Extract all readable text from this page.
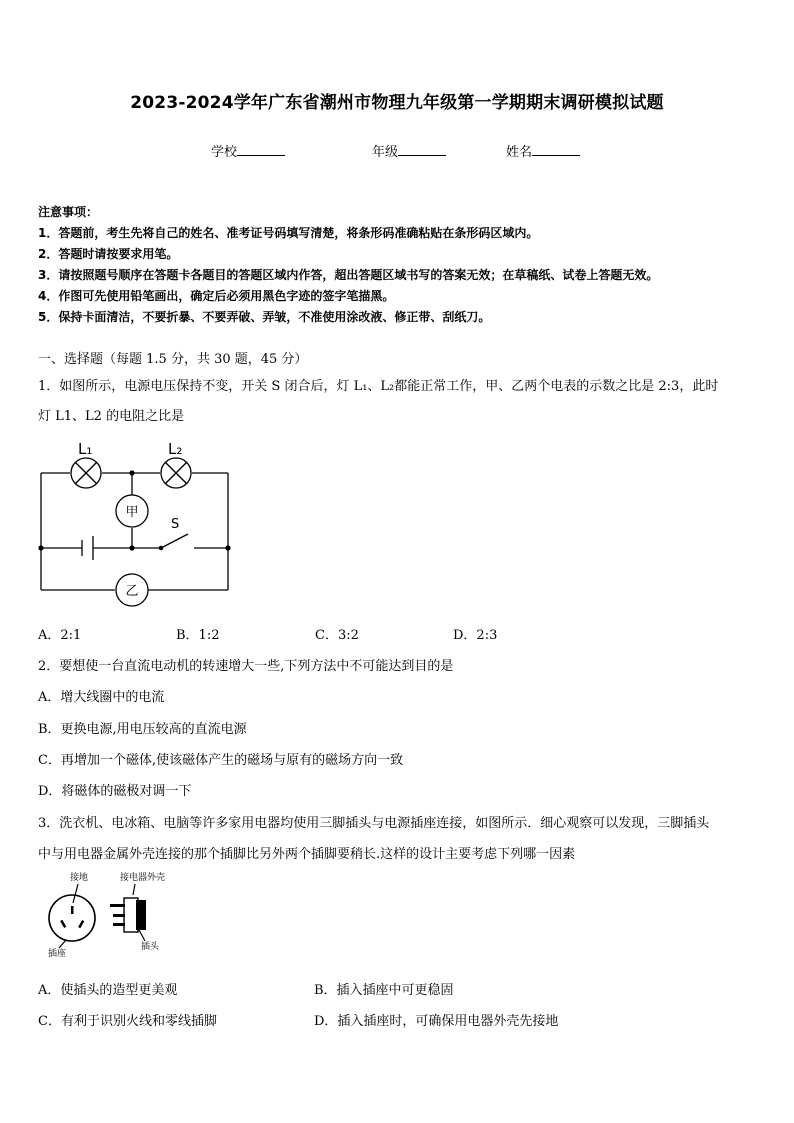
2023-2024学年广东省潮州市物理九年级第一学期期末调研模拟试题
学校	年级	姓名
注意事项：
1．答题前，考生先将自己的姓名、准考证号码填写清楚，将条形码准确粘贴在条形码区域内。
2．答题时请按要求用笔。
3．请按照题号顺序在答题卡各题目的答题区域内作答，超出答题区域书写的答案无效；在草稿纸、试卷上答题无效。
4．作图可先使用铅笔画出，确定后必须用黑色字迹的签字笔描黑。
5．保持卡面清洁，不要折暴、不要弄破、弄皱，不准使用涂改液、修正带、刮纸刀。
一、选择题（每题 1.5 分，共 30 题，45 分）
1．如图所示，电源电压保持不变，开关 S 闭合后，灯 L₁、L₂都能正常工作，甲、乙两个电表的示数之比是 2:3，此时
灯 L1、L2 的电阻之比是
L₁	L₂
甲
乙
S
A．2:1	B．1:2	C．3:2	D．2:3
2．要想使一台直流电动机的转速增大一些,下列方法中不可能达到目的是
A．增大线圈中的电流
B．更换电源,用电压较高的直流电源
C．再增加一个磁体,使该磁体产生的磁场与原有的磁场方向一致
D．将磁体的磁极对调一下
3．洗衣机、电冰箱、电脑等许多家用电器均使用三脚插头与电源插座连接，如图所示．细心观察可以发现，三脚插头
中与用电器金属外壳连接的那个插脚比另外两个插脚要稍长.这样的设计主要考虑下列哪一因素
接地	接电器外壳
插座
插头
A．使插头的造型更美观	B．插入插座中可更稳固
C．有利于识别火线和零线插脚	D．插入插座时，可确保用电器外壳先接地
